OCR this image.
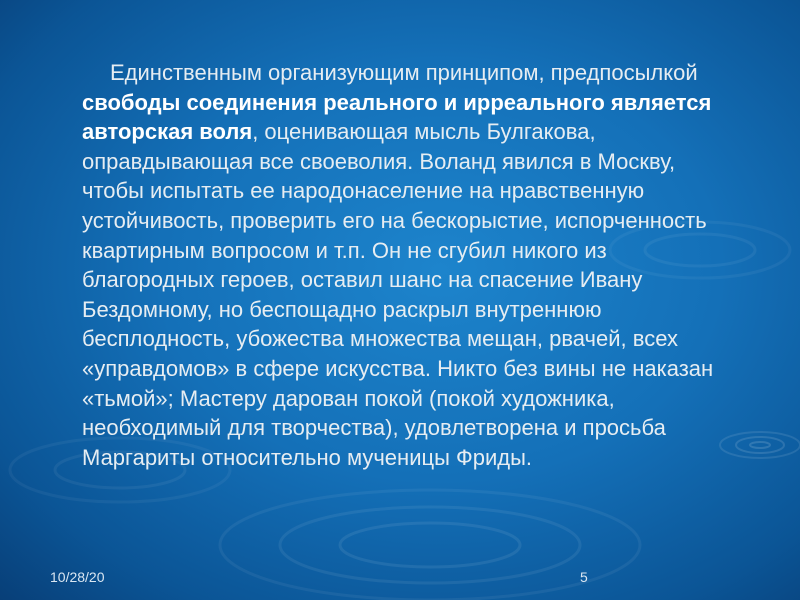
Единственным организующим принципом, предпосылкой свободы соединения реального и ирреального является авторская воля, оценивающая мысль Булгакова, оправдывающая все своеволия. Воланд явился в Москву, чтобы испытать ее народонаселение на нравственную устойчивость, проверить его на бескорыстие, испорченность квартирным вопросом и т.п. Он не сгубил никого из благородных героев, оставил шанс на спасение Ивану Бездомному, но беспощадно раскрыл внутреннюю бесплодность, убожества множества мещан, рвачей, всех «управдомов» в сфере искусства. Никто без вины не наказан «тьмой»; Мастеру дарован покой (покой художника, необходимый для творчества), удовлетворена и просьба Маргариты относительно мученицы Фриды.

10/28/20	5
